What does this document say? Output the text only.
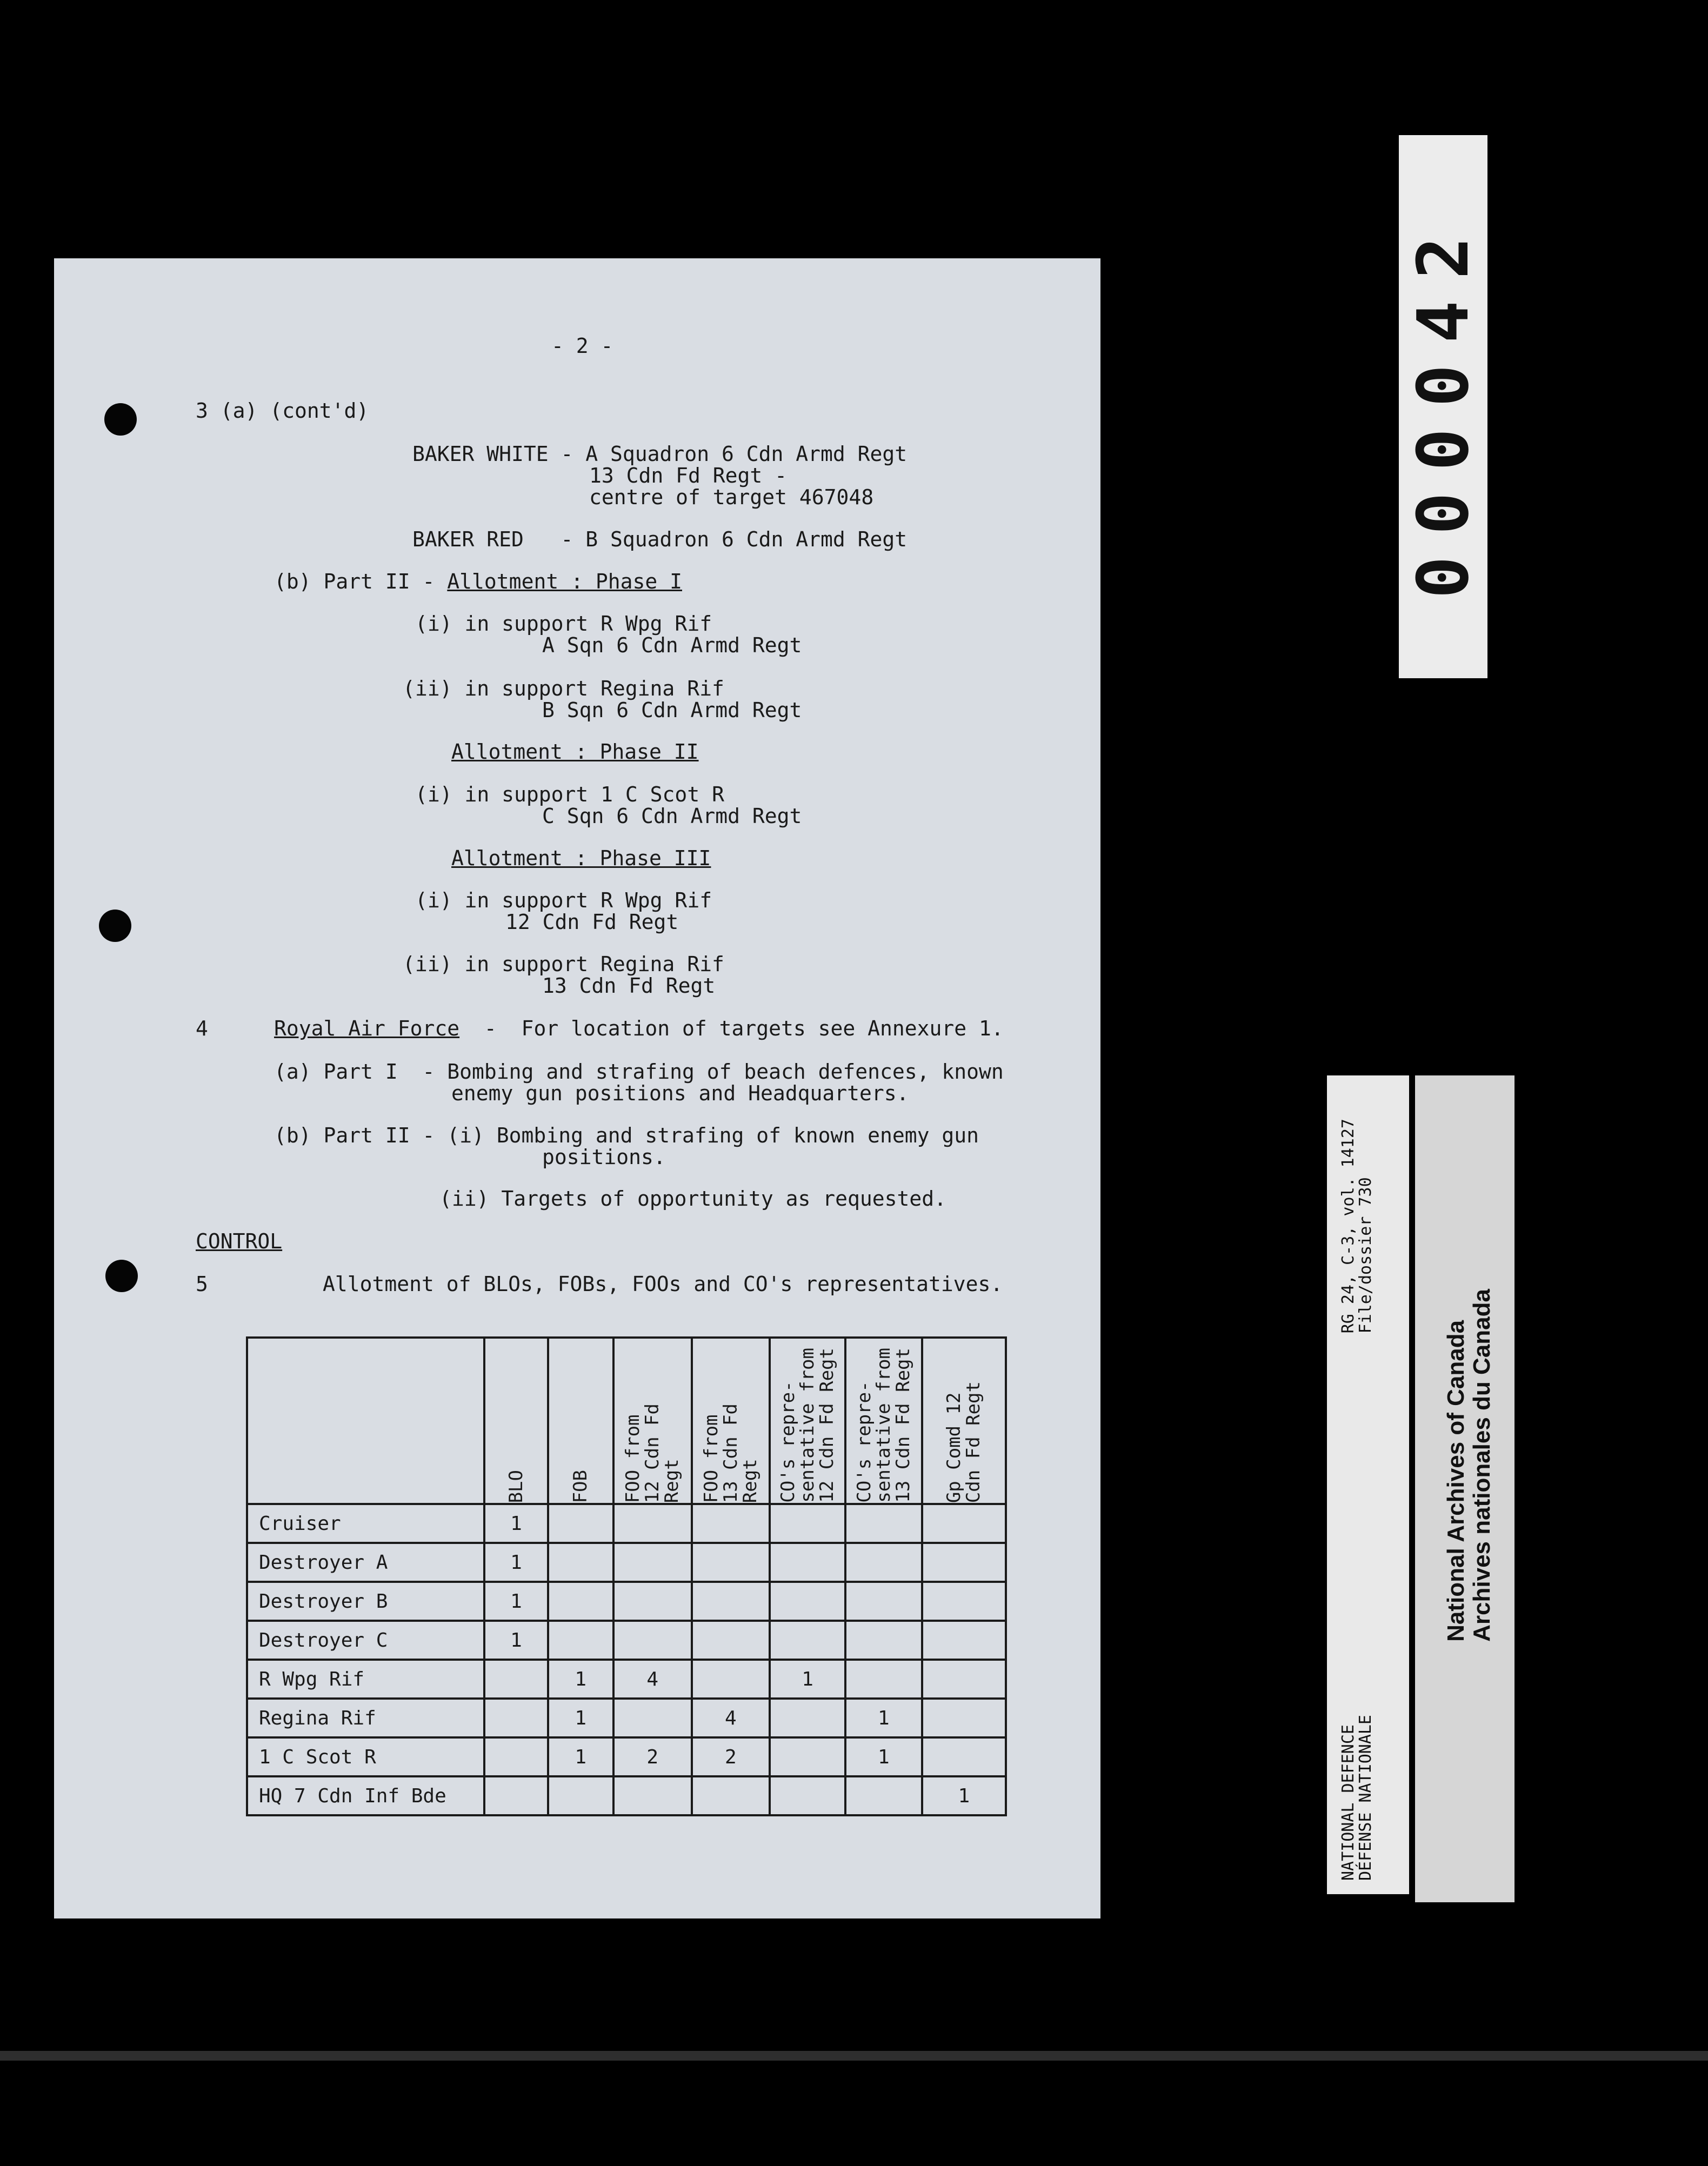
- 2 -
3 (a) (cont'd)
BAKER WHITE - A Squadron 6 Cdn Armd Regt
13 Cdn Fd Regt -
centre of target 467048
BAKER RED   - B Squadron 6 Cdn Armd Regt
(b) Part II - Allotment : Phase I
(i) in support R Wpg Rif
A Sqn 6 Cdn Armd Regt
(ii) in support Regina Rif
B Sqn 6 Cdn Armd Regt
Allotment : Phase II
(i) in support 1 C Scot R
C Sqn 6 Cdn Armd Regt
Allotment : Phase III
(i) in support R Wpg Rif
12 Cdn Fd Regt
(ii) in support Regina Rif
13 Cdn Fd Regt
4	Royal Air Force  -  For location of targets see Annexure 1.
(a) Part I  - Bombing and strafing of beach defences, known
enemy gun positions and Headquarters.
(b) Part II - (i) Bombing and strafing of known enemy gun
positions.
(ii) Targets of opportunity as requested.
CONTROL
5	Allotment of BLOs, FOBs, FOOs and CO's representatives.

	BLO	FOB	FOO from
12 Cdn Fd
Regt	FOO from
13 Cdn Fd
Regt	CO's repre-
sentative from
12 Cdn Fd Regt	CO's repre-
sentative from
13 Cdn Fd Regt	Gp Comd 12
Cdn Fd Regt

Cruiser	1						
Destroyer A	1						
Destroyer B	1						
Destroyer C	1						
R Wpg Rif		1	4		1		
Regina Rif		1		4		1	
1 C Scot R		1	2	2		1	
HQ 7 Cdn Inf Bde							1
000042
NATIONAL DEFENCE
DÉFENSE NATIONALE
RG 24, C-3, vol. 14127
File/dossier 730
National Archives of Canada
Archives nationales du Canada
